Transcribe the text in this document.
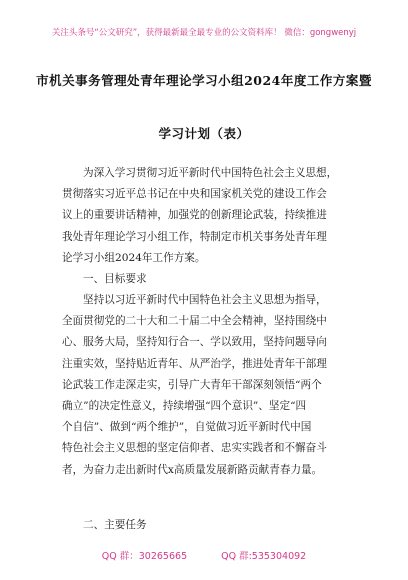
关注头条号“公文研究”，获得最新最全最专业的公文资料库！ 微信：gongwenyj
市机关事务管理处青年理论学习小组2024年度工作方案暨
学习计划（表）
为深入学习贯彻习近平新时代中国特色社会主义思想，
贯彻落实习近平总书记在中央和国家机关党的建设工作会
议上的重要讲话精神，加强党的创新理论武装，持续推进
我处青年理论学习小组工作，特制定市机关事务处青年理
论学习小组2024年工作方案。
一、目标要求
坚持以习近平新时代中国特色社会主义思想为指导，
全面贯彻党的二十大和二十届二中全会精神，坚持围绕中
心、服务大局，坚持知行合一、学以致用，坚持问题导向
注重实效，坚持贴近青年、从严治学，推进处青年干部理
论武装工作走深走实，引导广大青年干部深刻领悟“两个
确立”的决定性意义，持续增强“四个意识”、坚定“四
个自信”、做到“两个维护”，自觉做习近平新时代中国
特色社会主义思想的坚定信仰者、忠实实践者和不懈奋斗
者，为奋力走出新时代x高质量发展新路贡献青春力量。
二、主要任务
QQ 群：30265665	QQ 群:535304092
